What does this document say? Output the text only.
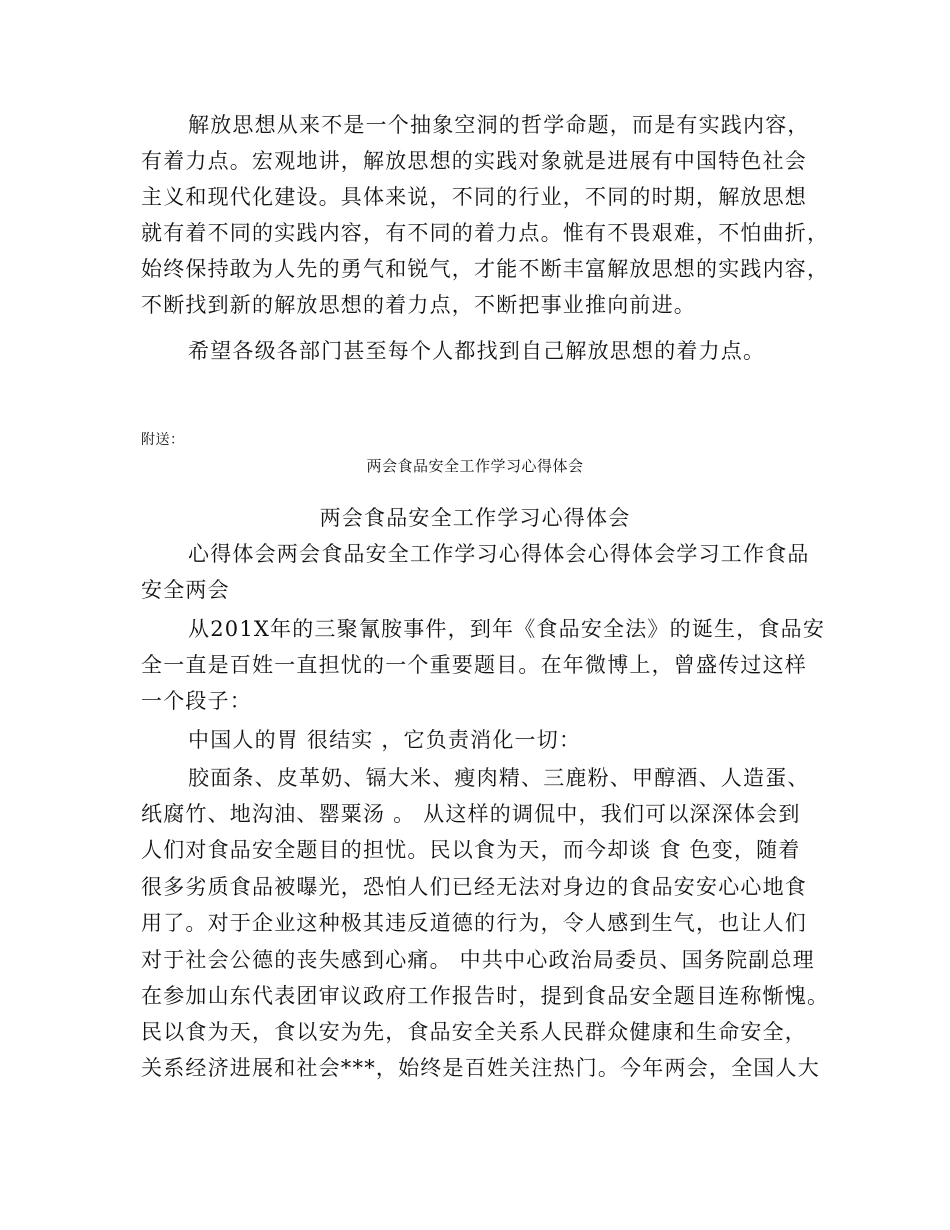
解放思想从来不是一个抽象空洞的哲学命题，而是有实践内容，
有着力点。宏观地讲，解放思想的实践对象就是进展有中国特色社会
主义和现代化建设。具体来说，不同的行业，不同的时期，解放思想
就有着不同的实践内容，有不同的着力点。惟有不畏艰难，不怕曲折，
始终保持敢为人先的勇气和锐气，才能不断丰富解放思想的实践内容，
不断找到新的解放思想的着力点，不断把事业推向前进。
希望各级各部门甚至每个人都找到自己解放思想的着力点。
附送：
两会食品安全工作学习心得体会
两会食品安全工作学习心得体会
心得体会两会食品安全工作学习心得体会心得体会学习工作食品
安全两会
从201X年的三聚氰胺事件，到年《食品安全法》的诞生，食品安
全一直是百姓一直担忧的一个重要题目。在年微博上，曾盛传过这样
一个段子：
中国人的胃 很结实 ，它负责消化一切：
胶面条、皮革奶、镉大米、瘦肉精、三鹿粉、甲醇酒、人造蛋、
纸腐竹、地沟油、罂粟汤 。 从这样的调侃中，我们可以深深体会到
人们对食品安全题目的担忧。民以食为天，而今却谈 食 色变，随着
很多劣质食品被曝光，恐怕人们已经无法对身边的食品安安心心地食
用了。对于企业这种极其违反道德的行为，令人感到生气，也让人们
对于社会公德的丧失感到心痛。 中共中心政治局委员、国务院副总理
在参加山东代表团审议政府工作报告时，提到食品安全题目连称惭愧。
民以食为天，食以安为先，食品安全关系人民群众健康和生命安全，
关系经济进展和社会***，始终是百姓关注热门。今年两会，全国人大
